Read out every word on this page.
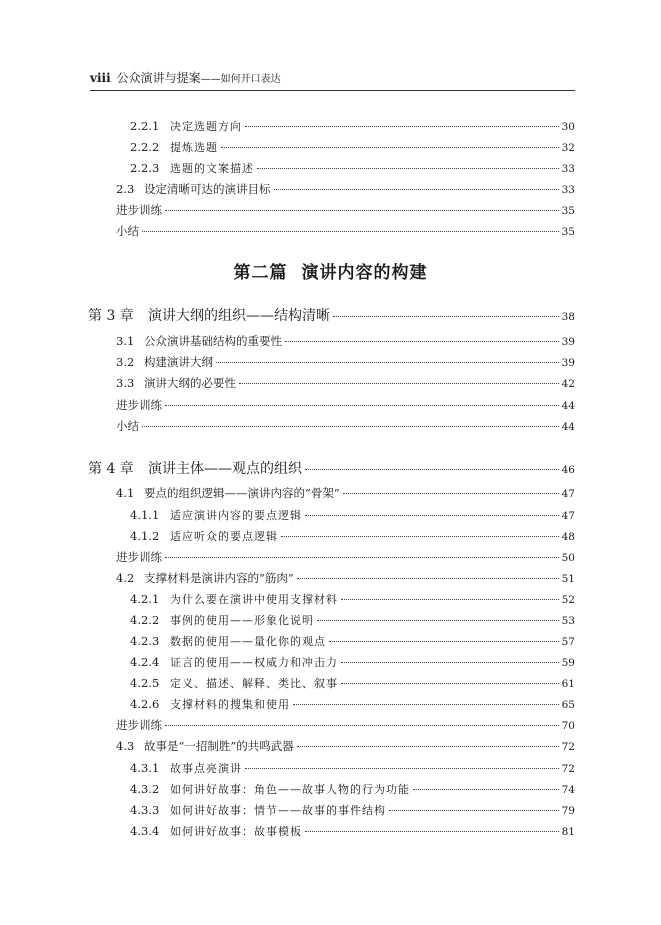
viii 公众演讲与提案——如何开口表达
第二篇 演讲内容的构建
2.2.1 决定选题方向	30
2.2.2 提炼选题	32
2.2.3 选题的文案描述	33
2.3 设定清晰可达的演讲目标	33
进步训练	35
小结	35
第 3 章	演讲大纲的组织——结构清晰	38
3.1 公众演讲基础结构的重要性	39
3.2 构建演讲大纲	39
3.3 演讲大纲的必要性	42
进步训练	44
小结	44
第 4 章	演讲主体——观点的组织	46
4.1 要点的组织逻辑——演讲内容的“骨架”	47
4.1.1 适应演讲内容的要点逻辑	47
4.1.2 适应听众的要点逻辑	48
进步训练	50
4.2 支撑材料是演讲内容的“筋肉”	51
4.2.1 为什么要在演讲中使用支撑材料	52
4.2.2 事例的使用——形象化说明	53
4.2.3 数据的使用——量化你的观点	57
4.2.4 证言的使用——权威力和冲击力	59
4.2.5 定义、描述、解释、类比、叙事	61
4.2.6 支撑材料的搜集和使用	65
进步训练	70
4.3 故事是“一招制胜”的共鸣武器	72
4.3.1 故事点亮演讲	72
4.3.2 如何讲好故事：角色——故事人物的行为功能	74
4.3.3 如何讲好故事：情节——故事的事件结构	79
4.3.4 如何讲好故事：故事模板	81
